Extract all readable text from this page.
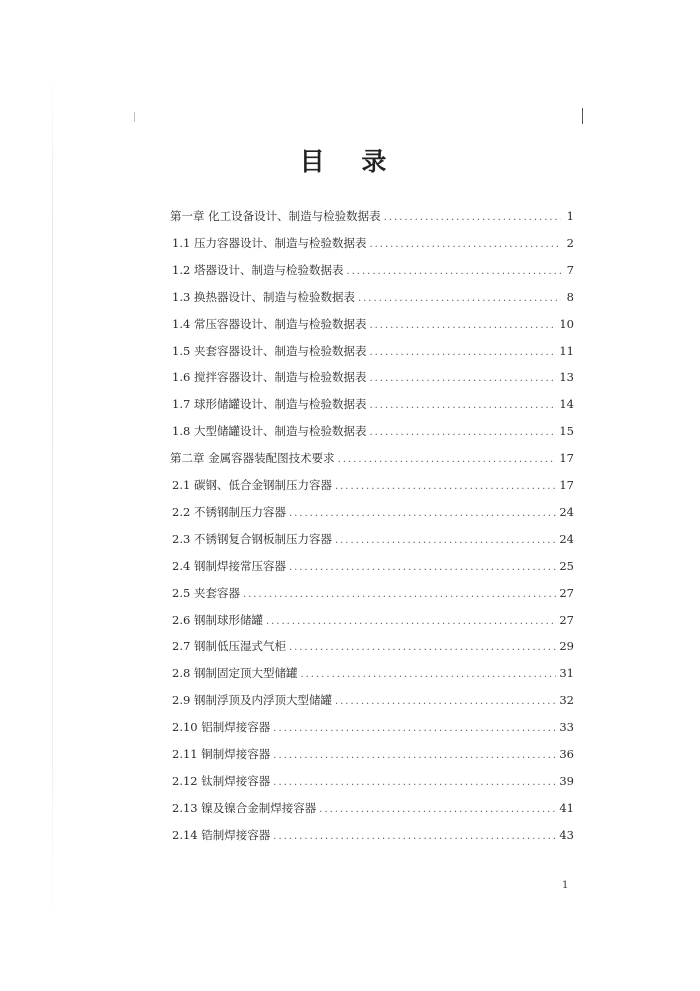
目 录
第一章 化工设备设计、制造与检验数据表 .....	1
1.1 压力容器设计、制造与检验数据表 .....	2
1.2 塔器设计、制造与检验数据表 .....	7
1.3 换热器设计、制造与检验数据表 .....	8
1.4 常压容器设计、制造与检验数据表 .....	10
1.5 夹套容器设计、制造与检验数据表 .....	11
1.6 搅拌容器设计、制造与检验数据表 .....	13
1.7 球形储罐设计、制造与检验数据表 .....	14
1.8 大型储罐设计、制造与检验数据表 .....	15
第二章 金属容器装配图技术要求 .....	17
2.1 碳钢、低合金钢制压力容器 .....	17
2.2 不锈钢制压力容器 .....	24
2.3 不锈钢复合钢板制压力容器 .....	24
2.4 钢制焊接常压容器 .....	25
2.5 夹套容器 .....	27
2.6 钢制球形储罐 .....	27
2.7 钢制低压湿式气柜 .....	29
2.8 钢制固定顶大型储罐 .....	31
2.9 钢制浮顶及内浮顶大型储罐 .....	32
2.10 铝制焊接容器 .....	33
2.11 铜制焊接容器 .....	36
2.12 钛制焊接容器 .....	39
2.13 镍及镍合金制焊接容器 .....	41
2.14 锆制焊接容器 .....	43
1
